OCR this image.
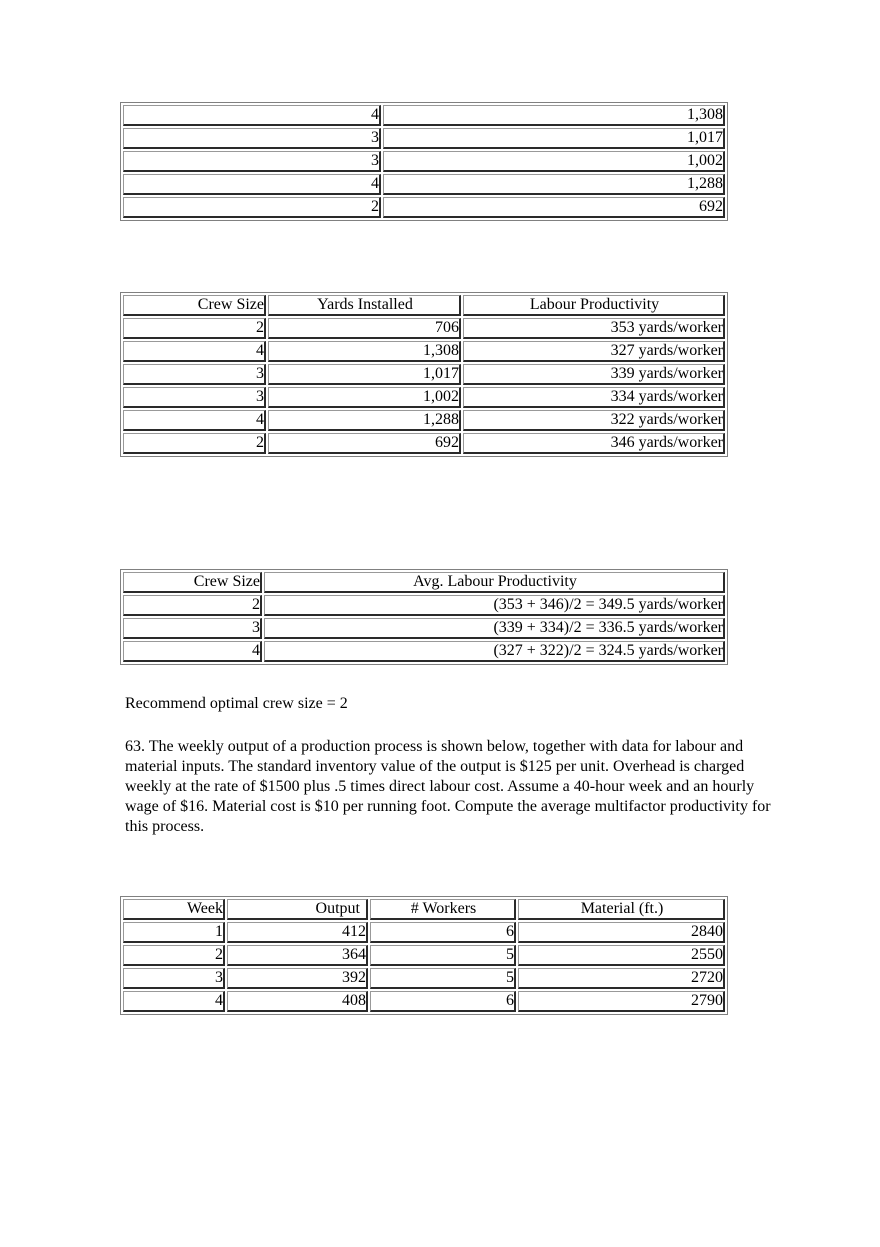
4	1,308
3	1,017
3	1,002
4	1,288
2	692
Crew Size	Yards Installed	Labour Productivity
2	706	353 yards/worker
4	1,308	327 yards/worker
3	1,017	339 yards/worker
3	1,002	334 yards/worker
4	1,288	322 yards/worker
2	692	346 yards/worker
Crew Size	Avg. Labour Productivity
2	(353 + 346)/2 = 349.5 yards/worker
3	(339 + 334)/2 = 336.5 yards/worker
4	(327 + 322)/2 = 324.5 yards/worker
Recommend optimal crew size = 2
63. The weekly output of a production process is shown below, together with data for labour and material inputs. The standard inventory value of the output is $125 per unit. Overhead is charged weekly at the rate of $1500 plus .5 times direct labour cost. Assume a 40-hour week and an hourly wage of $16. Material cost is $10 per running foot. Compute the average multifactor productivity for this process.
Week	Output	# Workers	Material (ft.)
1	412	6	2840
2	364	5	2550
3	392	5	2720
4	408	6	2790
